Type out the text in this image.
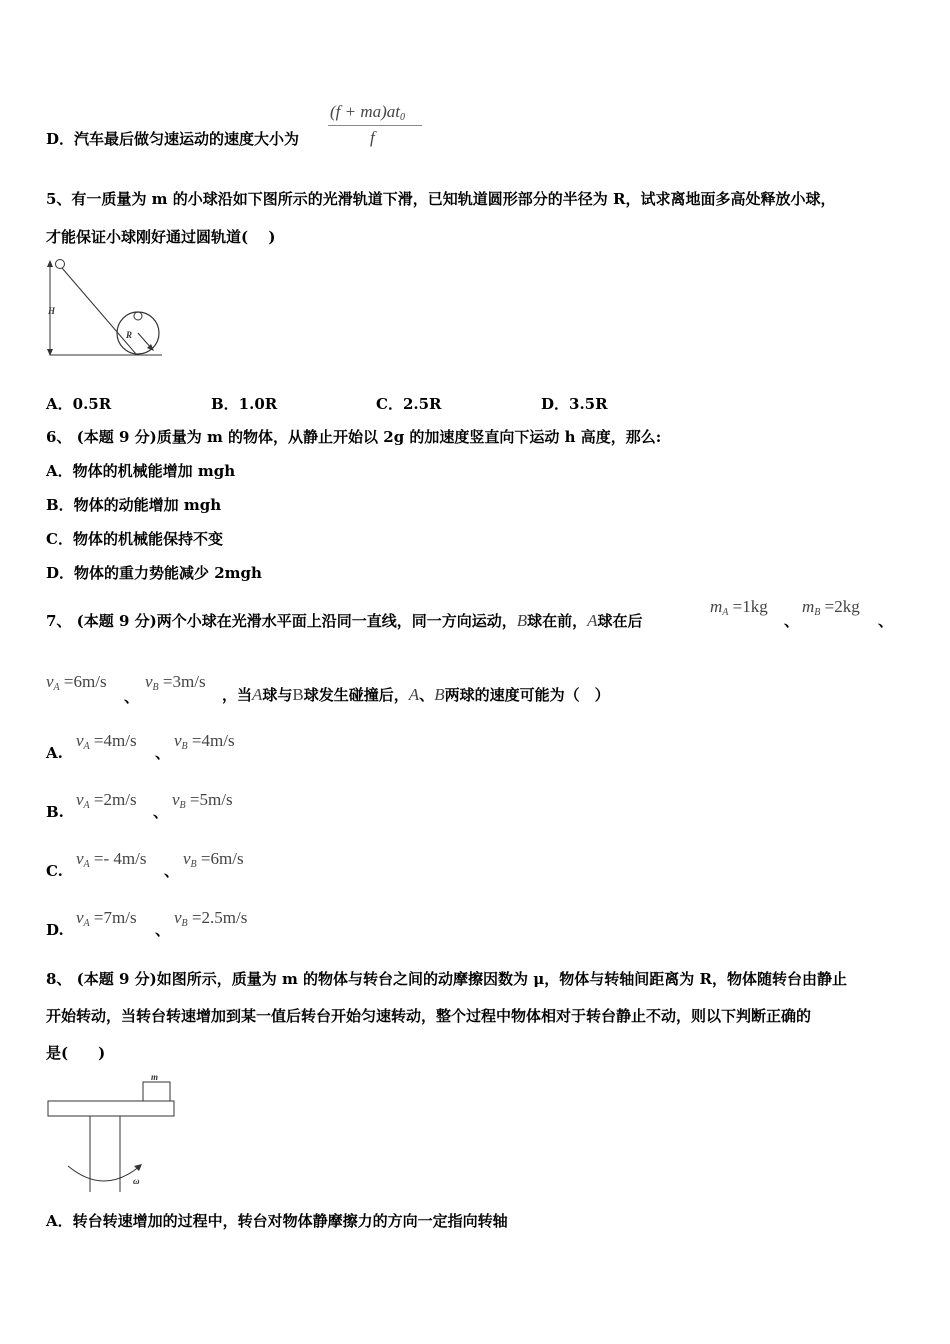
D．汽车最后做匀速运动的速度大小为
$(f + ma)at_0$
f
5、有一质量为 m 的小球沿如下图所示的光滑轨道下滑，已知轨道圆形部分的半径为 R，试求离地面多高处释放小球，
才能保证小球刚好通过圆轨道(　 )
H
R
A．0.5R	B．1.0R	C．2.5R	D．3.5R
6、 (本题 9 分)质量为 m 的物体，从静止开始以 2g 的加速度竖直向下运动 h 高度，那么:
A．物体的机械能增加 mgh
B．物体的动能增加 mgh
C．物体的机械能保持不变
D．物体的重力势能减少 2mgh
7、 (本题 9 分)两个小球在光滑水平面上沿同一直线，同一方向运动，B球在前，A球在后
$m_A =1kg$
、
$m_B =2kg$
、
$v_A =6m/s$
、
$v_B =3m/s$
，当A球与B球发生碰撞后，A、B两球的速度可能为（　）
A.
$v_A =4m/s$
、
$v_B =4m/s$
B.
$v_A =2m/s$
、
$v_B =5m/s$
C.
$v_A =- 4m/s$
、
$v_B =6m/s$
D.
$v_A =7m/s$
、
$v_B =2.5m/s$
8、 (本题 9 分)如图所示，质量为 m 的物体与转台之间的动摩擦因数为 μ，物体与转轴间距离为 R，物体随转台由静止
开始转动，当转台转速增加到某一值后转台开始匀速转动，整个过程中物体相对于转台静止不动，则以下判断正确的
是(　　)
m
ω
A．转台转速增加的过程中，转台对物体静摩擦力的方向一定指向转轴
